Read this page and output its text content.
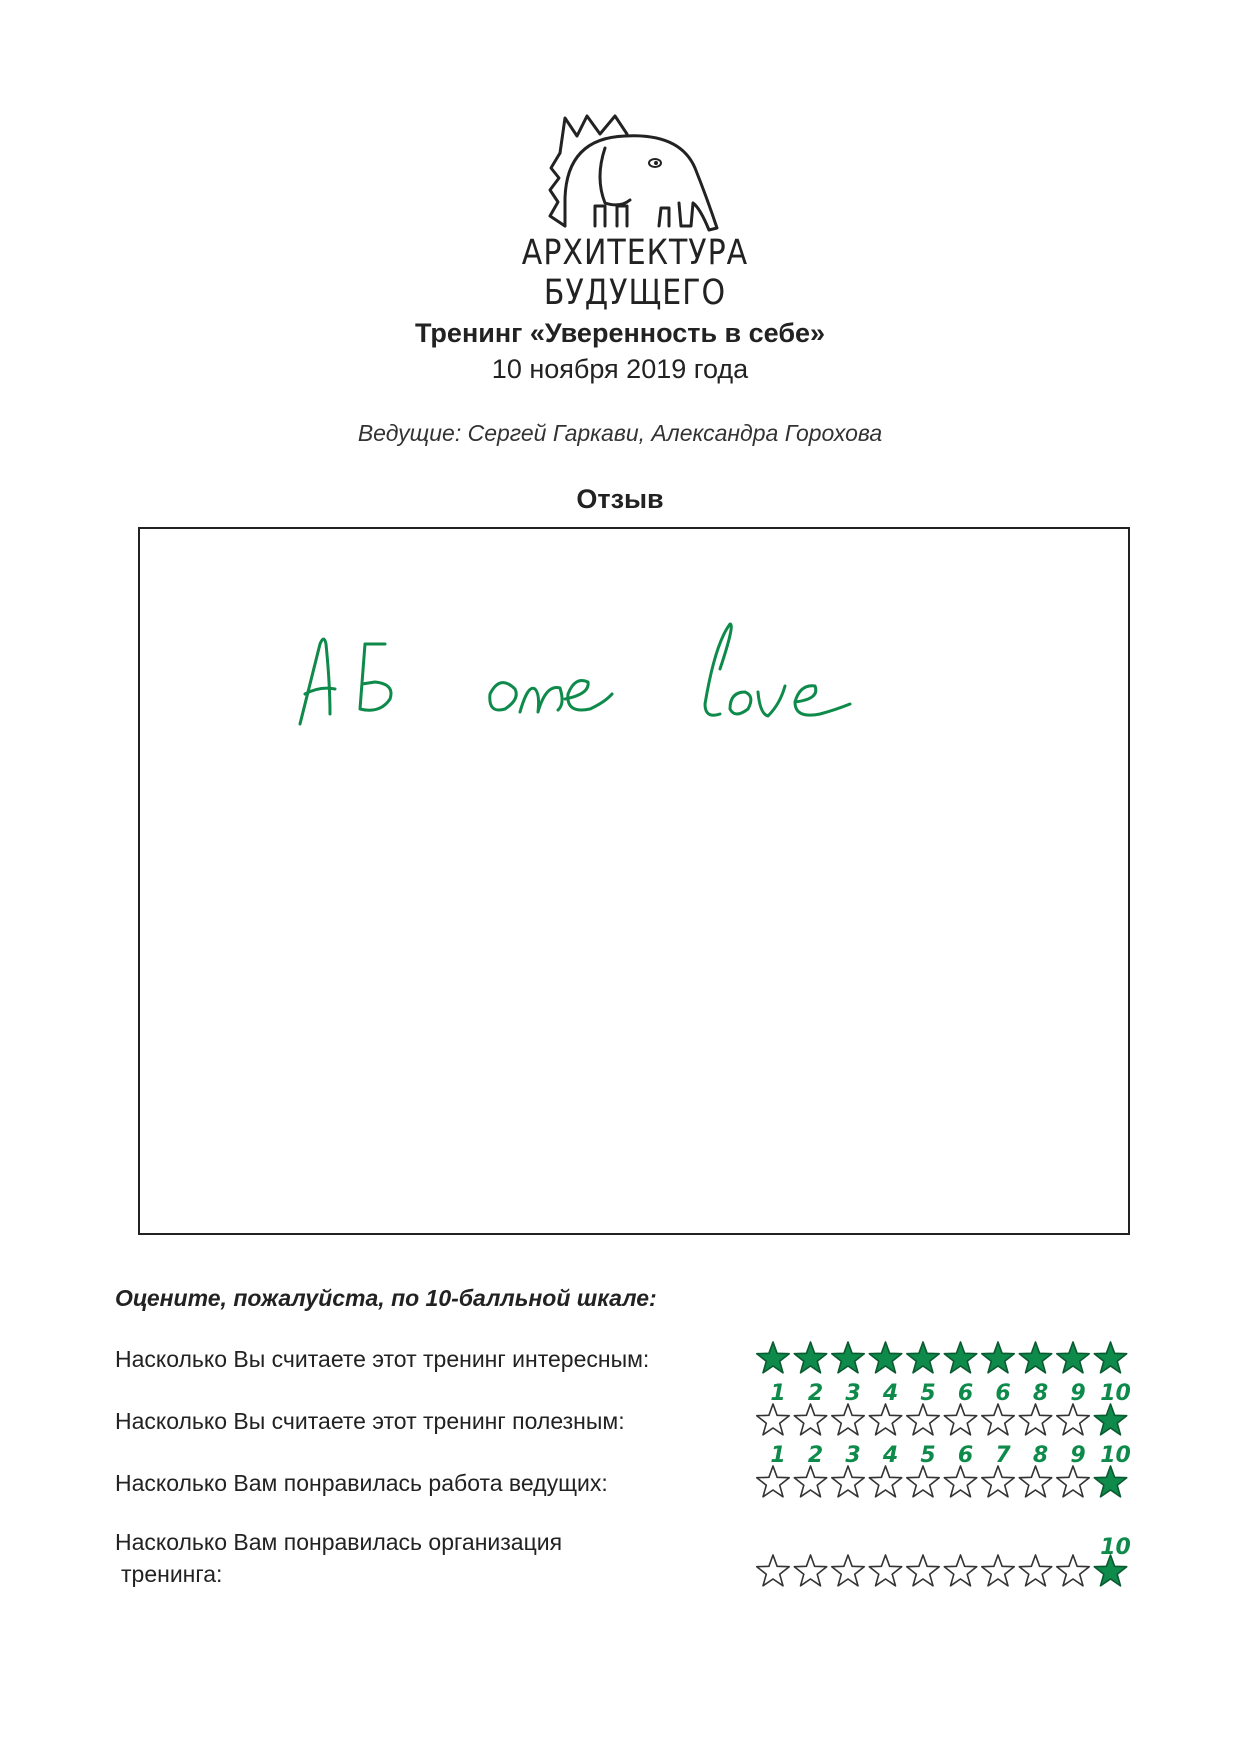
АРХИТЕКТУРА БУДУЩЕГО
Тренинг «Уверенность в себе»
10 ноября 2019 года
Ведущие: Сергей Гаркави, Александра Горохова
Отзыв
Оцените, пожалуйста, по 10-балльной шкале:
Насколько Вы считаете этот тренинг интересным:
Насколько Вы считаете этот тренинг полезным:
Насколько Вам понравилась работа ведущих:
Насколько Вам понравилась организация
тренинга:
1 2 3 4 5 6 6 8 9 10
1 2 3 4 5 6 7 8 9 10
10
